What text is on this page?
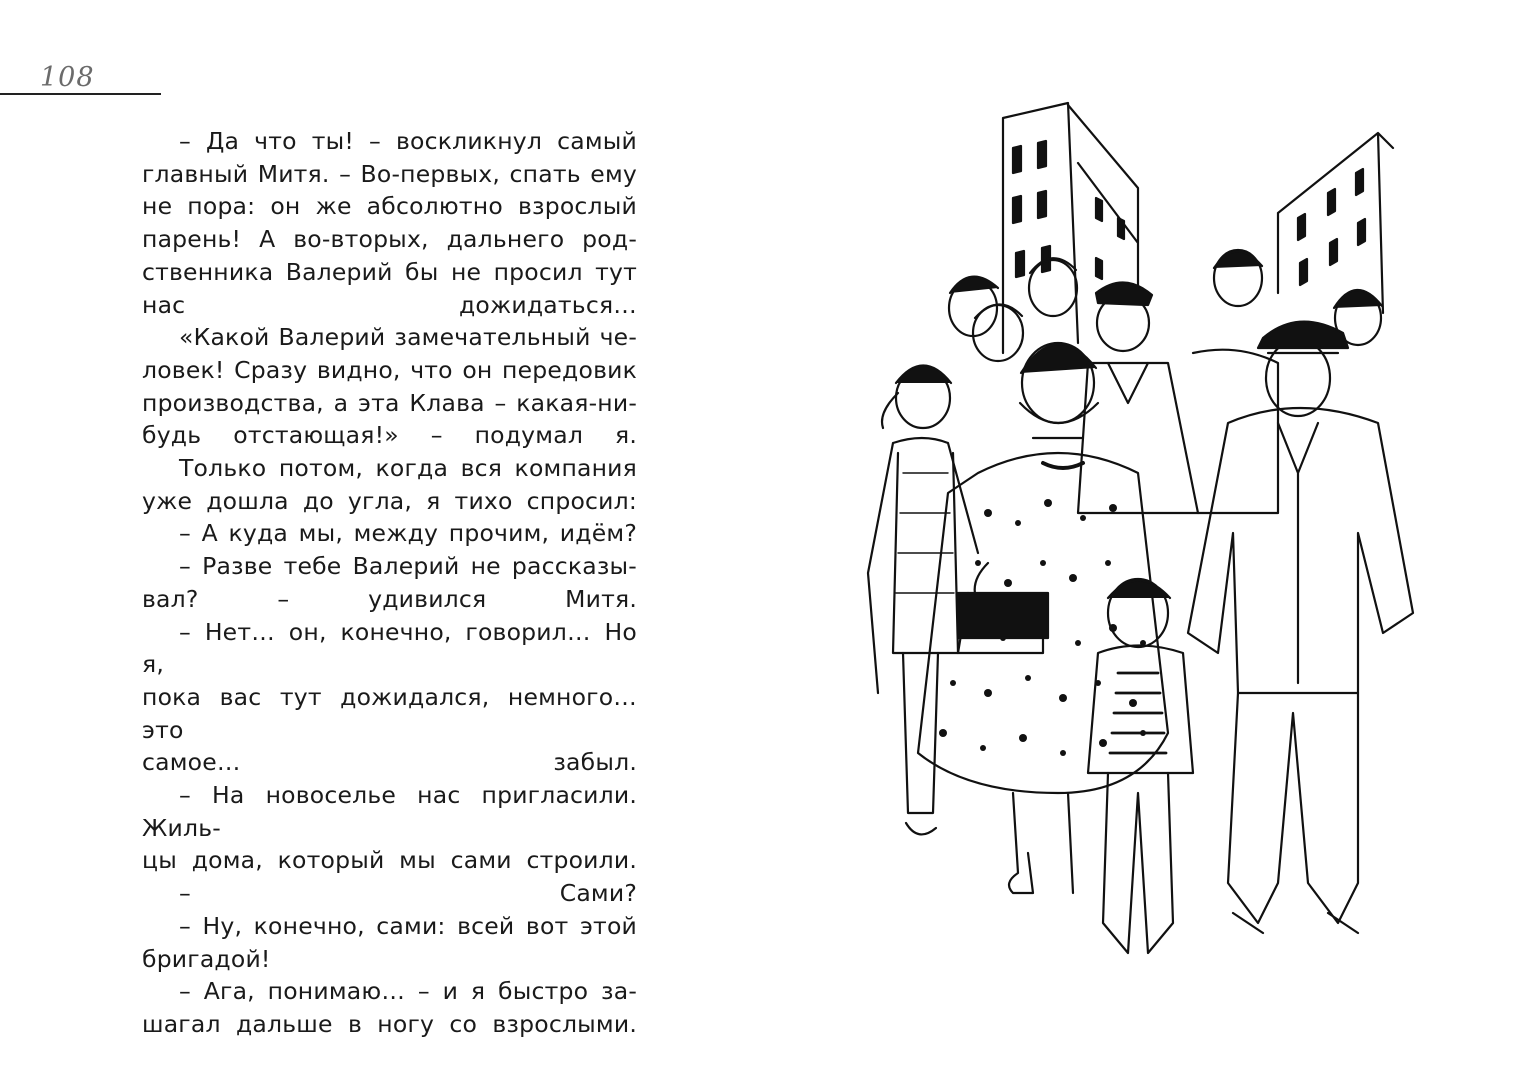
108

– Да что ты! – воскликнул самый
главный Митя. – Во-первых, спать ему
не пора: он же абсолютно взрослый
парень! А во-вторых, дальнего род-
ственника Валерий бы не просил тут
нас дожидаться…

«Какой Валерий замечательный че-
ловек! Сразу видно, что он передовик
производства, а эта Клава – какая-ни-
будь отстающая!» – подумал я.

Только потом, когда вся компания
уже дошла до угла, я тихо спросил:

– А куда мы, между прочим, идём?

– Разве тебе Валерий не рассказы-
вал? – удивился Митя.

– Нет… он, конечно, говорил… Но я,
пока вас тут дожидался, немного… это
самое… забыл.

– На новоселье нас пригласили. Жиль-
цы дома, который мы сами строили.

– Сами?

– Ну, конечно, сами: всей вот этой
бригадой!

– Ага, понимаю… – и я быстро за-
шагал дальше в ногу со взрослыми.
